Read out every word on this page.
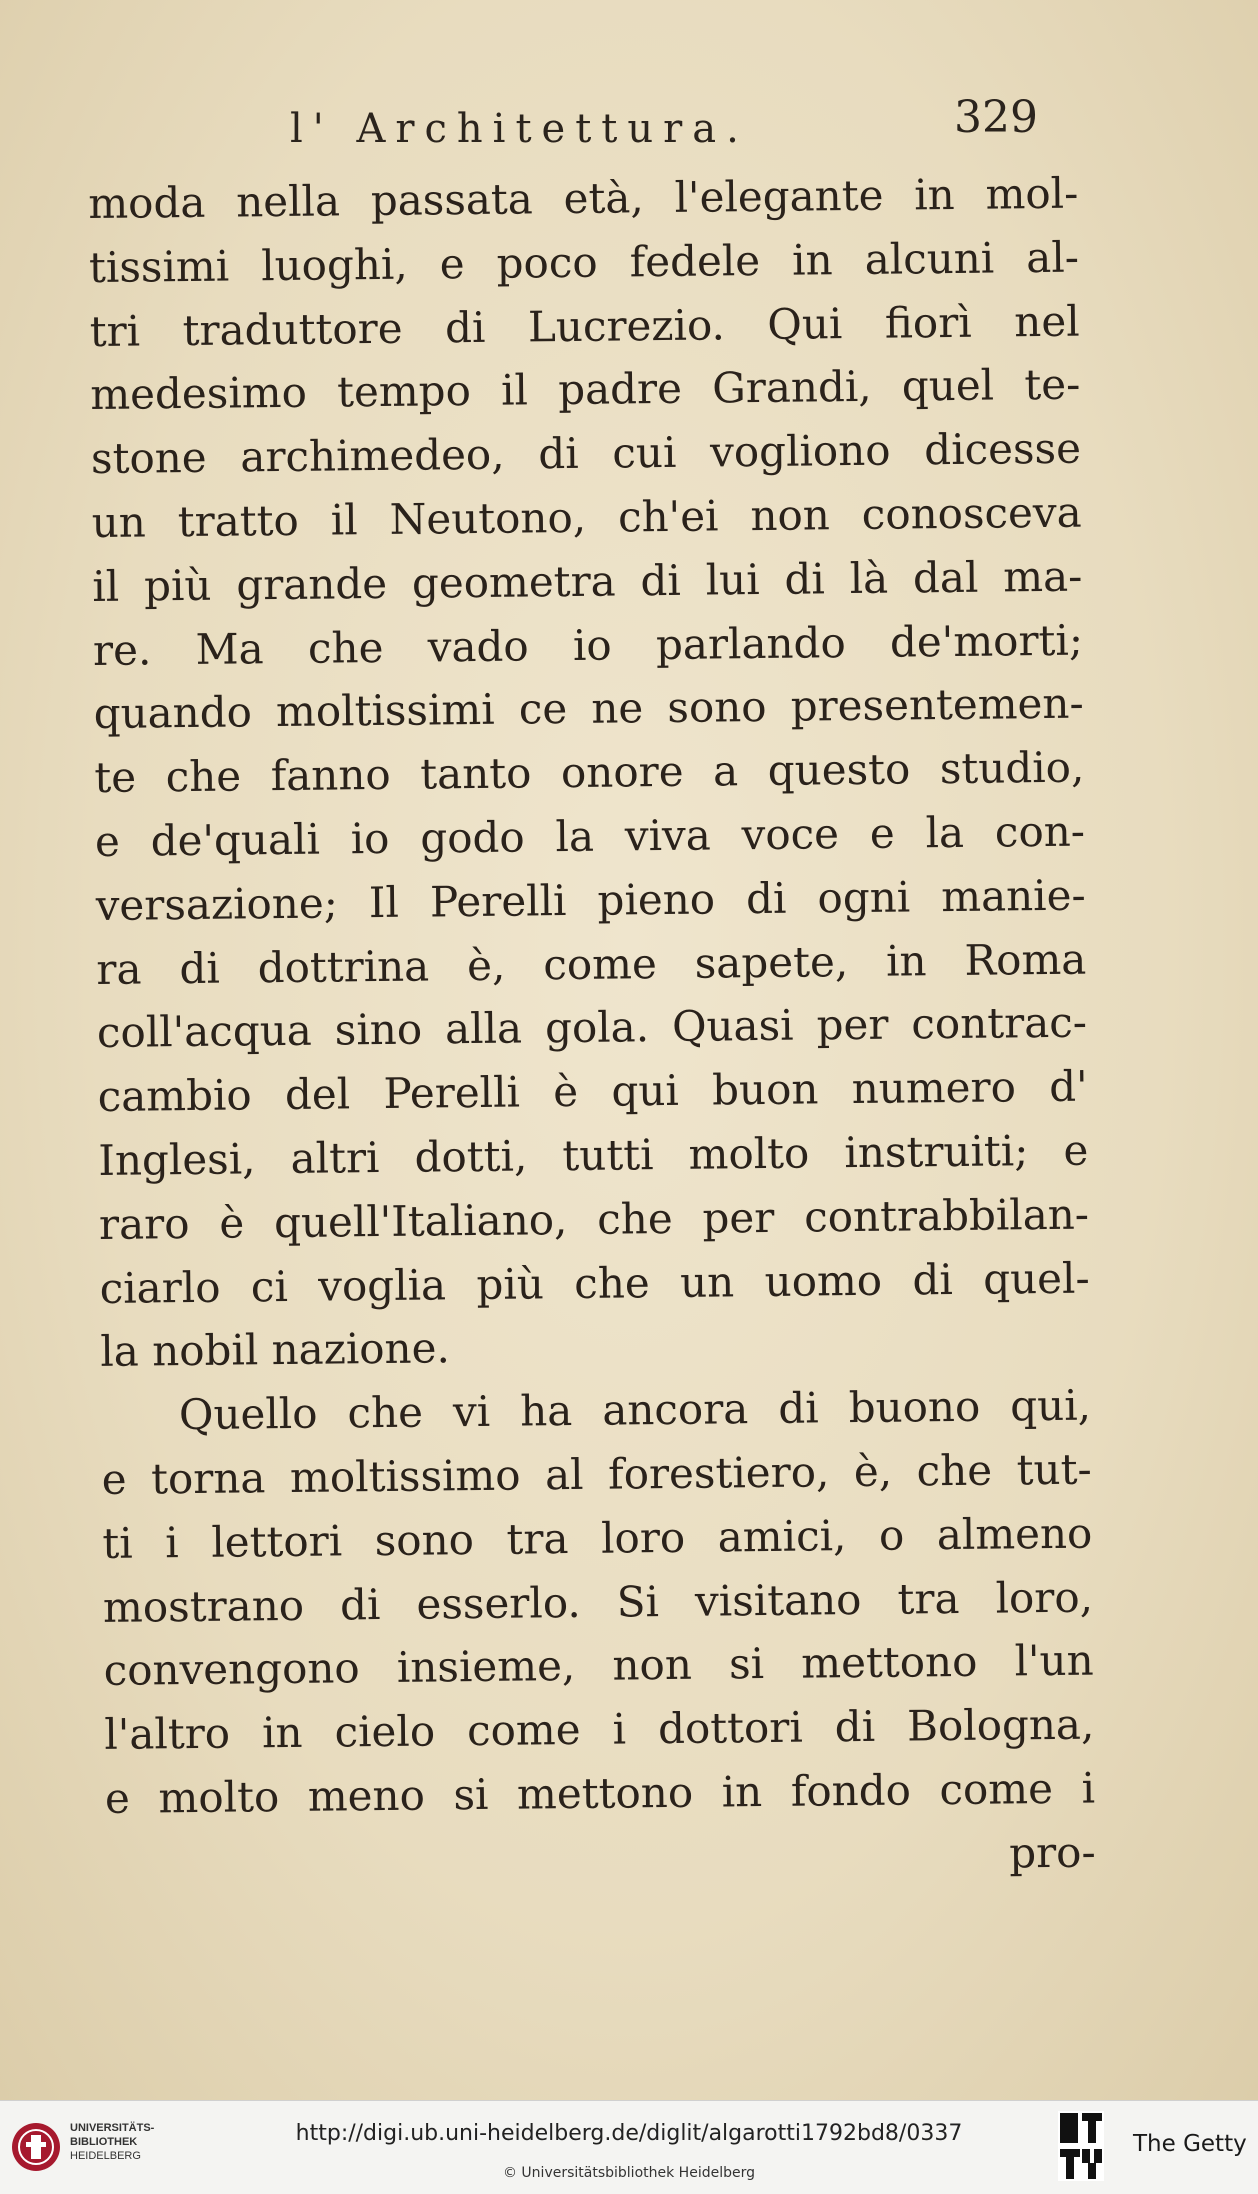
l' Architettura.	329
moda nella passata età, l'elegante in mol-
tissimi luoghi, e poco fedele in alcuni al-
tri traduttore di Lucrezio. Qui fiorì nel
medesimo tempo il padre Grandi, quel te-
stone archimedeo, di cui vogliono dicesse
un tratto il Neutono, ch'ei non conosceva
il più grande geometra di lui di là dal ma-
re. Ma che vado io parlando de'morti;
quando moltissimi ce ne sono presentemen-
te che fanno tanto onore a questo studio,
e de'quali io godo la viva voce e la con-
versazione; Il Perelli pieno di ogni manie-
ra di dottrina è, come sapete, in Roma
coll'acqua sino alla gola. Quasi per contrac-
cambio del Perelli è qui buon numero d'
Inglesi, altri dotti, tutti molto instruiti; e
raro è quell'Italiano, che per contrabbilan-
ciarlo ci voglia più che un uomo di quel-
la nobil nazione.
Quello che vi ha ancora di buono qui,
e torna moltissimo al forestiero, è, che tut-
ti i lettori sono tra loro amici, o almeno
mostrano di esserlo. Si visitano tra loro,
convengono insieme, non si mettono l'un
l'altro in cielo come i dottori di Bologna,
e molto meno si mettono in fondo come i
pro-
UNIVERSITÄTS-
BIBLIOTHEK
HEIDELBERG
http://digi.ub.uni-heidelberg.de/diglit/algarotti1792bd8/0337
© Universitätsbibliothek Heidelberg
The Getty
